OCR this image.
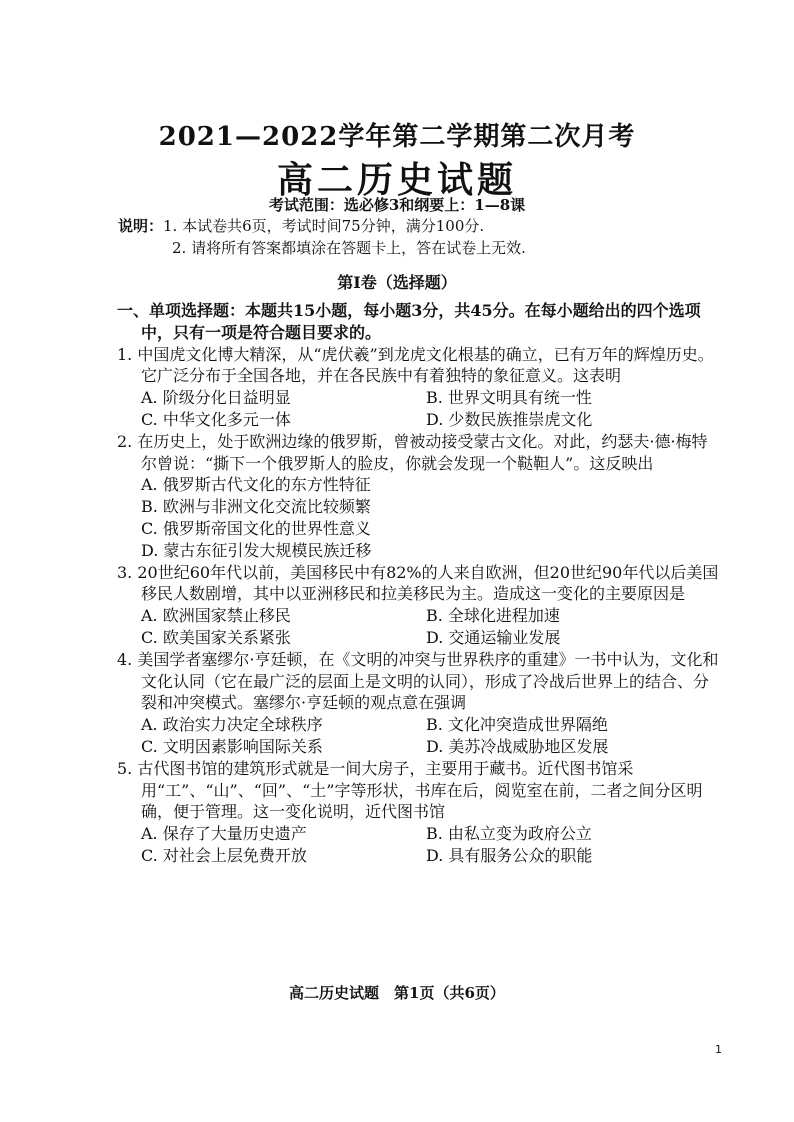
2021—2022学年第二学期第二次月考
高二历史试题
考试范围：选必修3和纲要上：1—8课
说明：1. 本试卷共6页，考试时间75分钟，满分100分.
2. 请将所有答案都填涂在答题卡上，答在试卷上无效.
第Ⅰ卷（选择题）
一、单项选择题：本题共15小题，每小题3分，共45分。在每小题给出的四个选项中，只有一项是符合题目要求的。
1. 中国虎文化博大精深，从“虎伏羲”到龙虎文化根基的确立，已有万年的辉煌历史。它广泛分布于全国各地，并在各民族中有着独特的象征意义。这表明
A. 阶级分化日益明显	B. 世界文明具有统一性
C. 中华文化多元一体	D. 少数民族推崇虎文化
2. 在历史上，处于欧洲边缘的俄罗斯，曾被动接受蒙古文化。对此，约瑟夫·德·梅特尔曾说：“撕下一个俄罗斯人的脸皮，你就会发现一个鞑靼人”。这反映出
A. 俄罗斯古代文化的东方性特征
B. 欧洲与非洲文化交流比较频繁
C. 俄罗斯帝国文化的世界性意义
D. 蒙古东征引发大规模民族迁移
3. 20世纪60年代以前，美国移民中有82%的人来自欧洲，但20世纪90年代以后美国移民人数剧增，其中以亚洲移民和拉美移民为主。造成这一变化的主要原因是
A. 欧洲国家禁止移民	B. 全球化进程加速
C. 欧美国家关系紧张	D. 交通运输业发展
4. 美国学者塞缪尔·亨廷顿，在《文明的冲突与世界秩序的重建》一书中认为，文化和文化认同（它在最广泛的层面上是文明的认同），形成了冷战后世界上的结合、分裂和冲突模式。塞缪尔·亨廷顿的观点意在强调
A. 政治实力决定全球秩序	B. 文化冲突造成世界隔绝
C. 文明因素影响国际关系	D. 美苏冷战威胁地区发展
5. 古代图书馆的建筑形式就是一间大房子，主要用于藏书。近代图书馆采用“工”、“山”、“回”、“土”字等形状，书库在后，阅览室在前，二者之间分区明确，便于管理。这一变化说明，近代图书馆
A. 保存了大量历史遗产	B. 由私立变为政府公立
C. 对社会上层免费开放	D. 具有服务公众的职能
高二历史试题　第1页（共6页）
1
